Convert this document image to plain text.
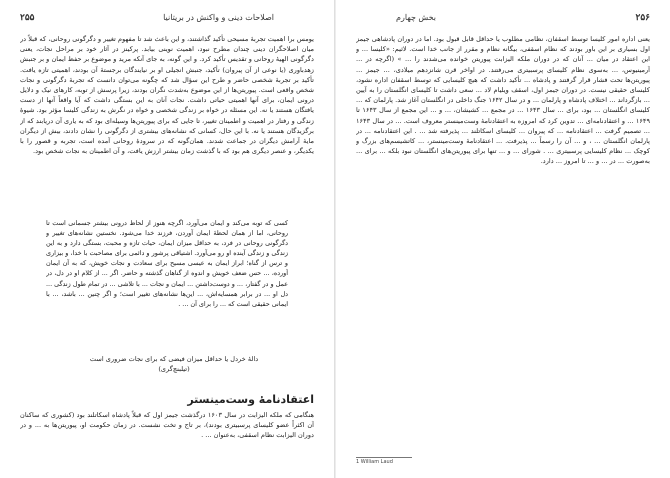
۲۵۵	اصلاحات دینی و واکنش در بریتانیا

یومس برا اهمیت تجربهٔ مسیحی تأکید گذاشتند، و این باعث شد تا مفهوم تغییر و دگرگونی روحانی، که قبلاً در میان اصلاحگران دینی چندان مطرح نبود، اهمیت نوینی بیابد. پرکینز در آثار خود بر مراحل نجات، یعنی دگرگونی الهیهٔ روحانی و تقدیس تأکید کرد. و این گونه، به جای آنکه مرید و موضوع بر حفظ ایمان و بر جنبش زهدباوری (یا نوعی از آن پیروان) تأکید، جنبش انجیلی او بر نیایندگان برجستهٔ آن بودند، اهمیتی تازه یافت. تأکید بر تجربهٔ شخصی حاضر و طرح این سؤال شد که چگونه می‌توان دانست که تجربهٔ دگرگونی و نجات شخص واقعی است. پیوریتن‌ها از این موضوع به‌شدت نگران بودند، زیرا پرسش از توبه، کارهای نیک و دلایل درونی ایمان، برای آنها اهمیتی حیاتی داشت. نجات آنان به این بستگی داشت که آیا واقعاً آنها از دست یافتگان هستند یا نه. این مسئله در خواه بر زندگی شخصی و خواه در نگرش به زندگی کلیسا مؤثر بود. شیوهٔ زندگی و رفتار در اهمیت و اطمینان تغییر، تا جایی که برای پیوریتن‌ها وسیله‌ای بود که به یاری آن دریابند که از برگزیدگان هستند یا نه. با این حال، کسانی که نشانه‌های بیشتری از دگرگونی را نشان دادند، بیش از دیگران مایهٔ آرامش دیگران در جماعت شدند. همان‌گونه که در سرودهٔ روحانی آمده است، تجربه و قصور را با یکدیگر، و عنصر دیگری هم بود که با گذشت زمان بیشتر ارزش یافت، و آن اطمینان به نجات شخص بود.

کسی که توبه می‌کند و ایمان می‌آورد، اگرچه هنوز از لحاظ درونی بیشتر جسمانی است تا روحانی، اما از همان لحظهٔ ایمان آوردن، فرزند خدا می‌شود. نخستین نشانه‌های تغییر و دگرگونی روحانی در فرد، به حداقل میزان ایمان، حیات تازه و محبت، بستگی دارد و به این زندگی و زندگی آینده او رو می‌آورد. اشتیاقی پرشور و دائمی برای مصاحبت با خدا، و بیزاری و ترس از گناه؛ ابراز ایمان به عیسی مسیح برای سعادت و نجات خویش، که به آن ایمان آورده، ... حس ضعف خویش و اندوه از گناهان گذشته و حاضر. اگر ... از کلام او در دل، در عمل و در گفتار، ... و دوست‌داشتن ... ایمان و نجات ... با تلاشی ... در تمام طول زندگی ... دل او ... در برابر همسایه‌اش، ... این‌ها نشانه‌های تغییر است؛ و اگر چنین ... باشد، ... با ایمانی حقیقی است که ... را برای آن ... .

دالهٔ خردل یا حداقل میزان فیضی که برای نجات ضروری است
(تیلبنچ‌گری)
اعتقادنامهٔ وست‌مینستر

هنگامی که ملکه الیزابت در سال ۱۶۰۳ درگذشت جیمز اول که قبلاً پادشاه اسکاتلند بود (کشوری که ساکنان آن اکثراً عضو کلیسای پرسبیتری بودند)، بر تاج و تخت نشست. در زمان حکومت او، پیوریتن‌ها به ... و در دوران الیزابت نظام اسقفی، به‌عنوان ... .

۲۵۶
بخش چهارم

یعنی اداره امور کلیسا توسط اسقفان، نظامی مطلوب یا حداقل قابل قبول بود. اما در دوران پادشاهی جیمز اول بسیاری بر این باور بودند که نظام اسقفی، بیگانه نظام و مقرر از جانب خدا است. لاثیم: «کلیسا ... و این اعتقاد در میان ... آنان که در دوران ملکه الیزابت پیوریتن خوانده می‌شدند را ... » (اگرچه در ... آرمینیوس، ... به‌سوی نظام کلیسای پرسبیتری می‌رفتند. در اواخر قرن شانزدهم میلادی، ... جیمز ... پیوریتن‌ها تحت فشار قرار گرفتند و پادشاه ... تأکید داشت که هیچ کلیسایی که توسط اسقفان اداره نشود، کلیسای حقیقی نیست. در دوران جیمز اول، اسقف ویلیام لاد ... سعی داشت تا کلیسای انگلستان را به آیین ... بازگرداند ... اختلاف پادشاه و پارلمان ... و در سال ۱۶۴۲ جنگ داخلی در انگلستان آغاز شد. پارلمان که ... کلیسای انگلستان ... بود، برای ... سال ۱۶۴۳ ... در مجمع ... کشیشان، ... و ... این مجمع از سال ۱۶۴۳ تا ۱۶۴۹ ... و اعتقادنامه‌ای ... تدوین کرد که امروزه به اعتقادنامهٔ وست‌مینستر معروف است. ... در سال ۱۶۴۳ ... تصمیم گرفت ... اعتقادنامه ... که پیروان ... کلیسای اسکاتلند ... پذیرفته شد ... . این اعتقادنامه ... در پارلمان انگلستان ... ، و ... آن را رسماً ... پذیرفت. ... اعتقادنامهٔ وست‌مینستر، ... کاتشیسم‌های بزرگ و کوچک ... نظام کلیسایی پرسبیتری ... . شورای ... و ... تنها برای پیوریتن‌های انگلستان نبود بلکه ... برای ... به‌صورت ... در ... و ... تا امروز ... دارد.

1 William Laud
